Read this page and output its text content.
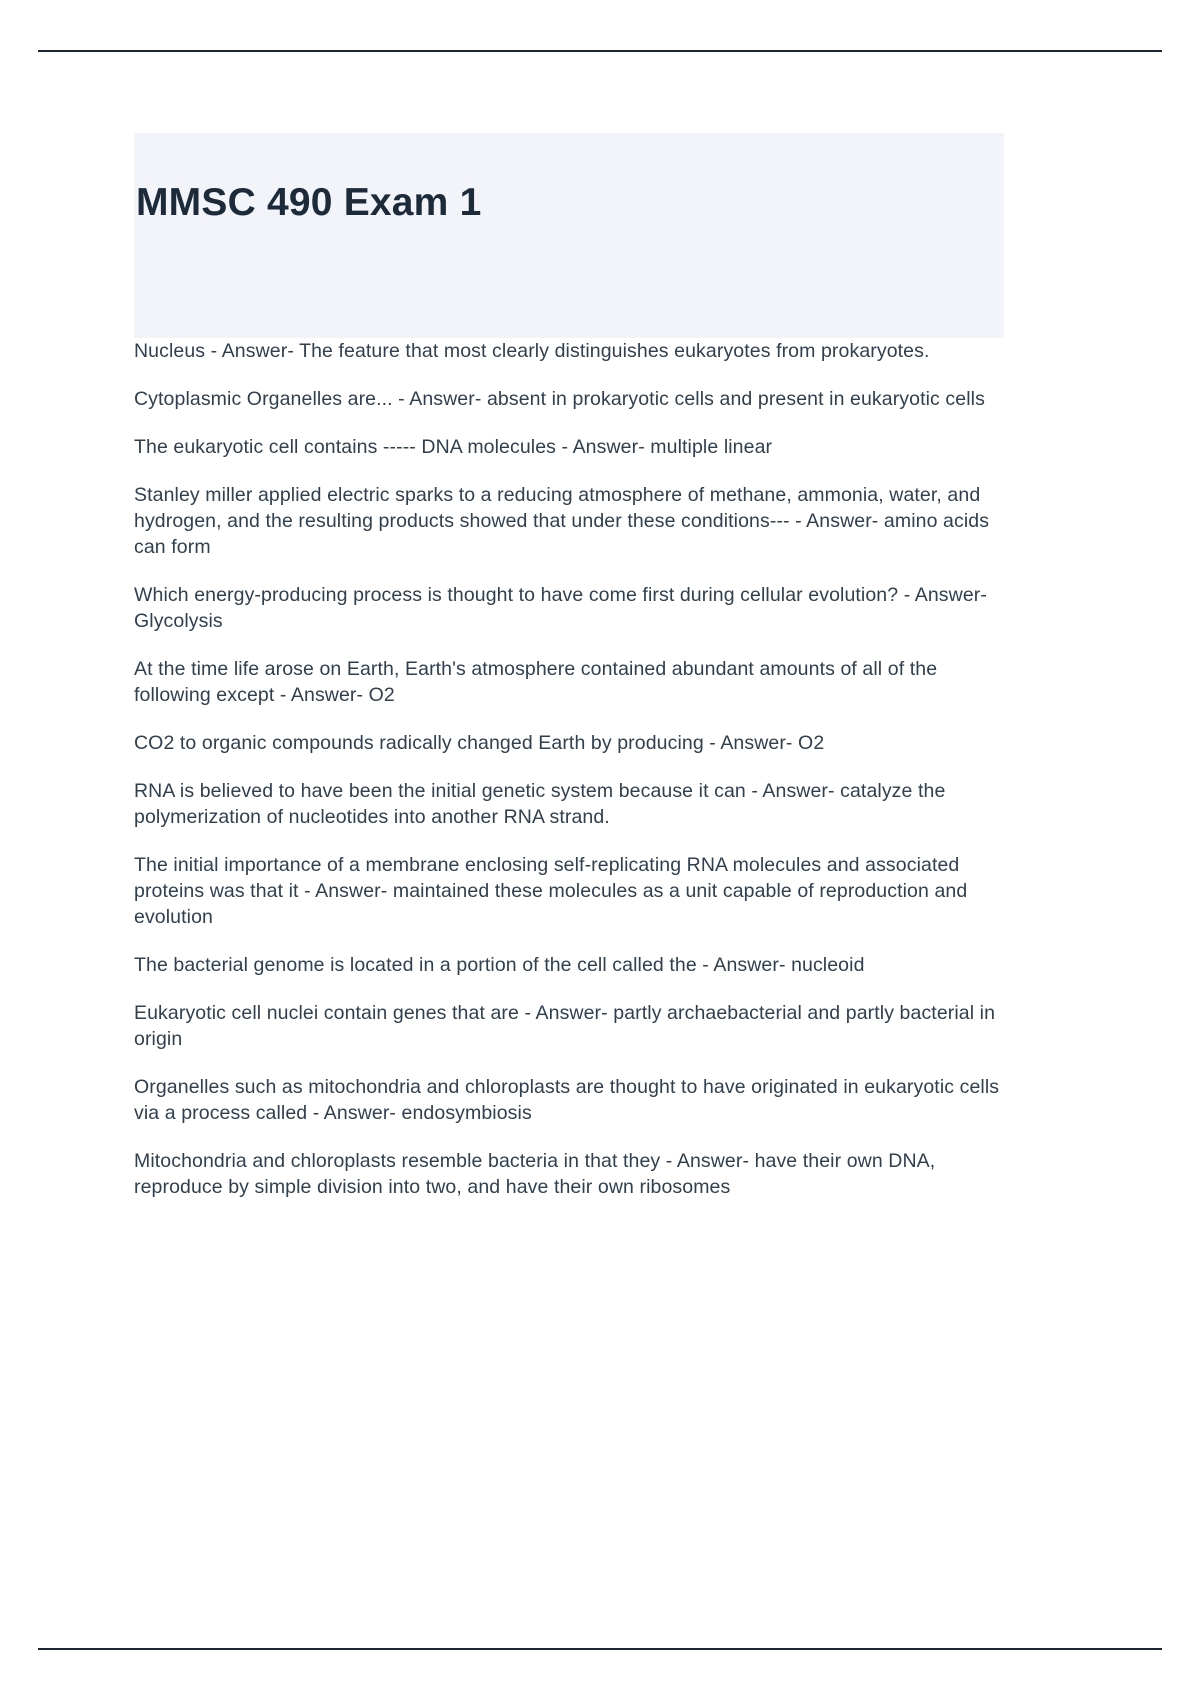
MMSC 490 Exam 1

Nucleus - Answer- The feature that most clearly distinguishes eukaryotes from prokaryotes.

Cytoplasmic Organelles are... - Answer- absent in prokaryotic cells and present in eukaryotic cells

The eukaryotic cell contains ----- DNA molecules - Answer- multiple linear

Stanley miller applied electric sparks to a reducing atmosphere of methane, ammonia, water, and hydrogen, and the resulting products showed that under these conditions--- - Answer- amino acids can form

Which energy-producing process is thought to have come first during cellular evolution? - Answer- Glycolysis

At the time life arose on Earth, Earth's atmosphere contained abundant amounts of all of the following except - Answer- O2

CO2 to organic compounds radically changed Earth by producing - Answer- O2

RNA is believed to have been the initial genetic system because it can - Answer- catalyze the polymerization of nucleotides into another RNA strand.

The initial importance of a membrane enclosing self-replicating RNA molecules and associated proteins was that it - Answer- maintained these molecules as a unit capable of reproduction and evolution

The bacterial genome is located in a portion of the cell called the - Answer- nucleoid

Eukaryotic cell nuclei contain genes that are - Answer- partly archaebacterial and partly bacterial in origin

Organelles such as mitochondria and chloroplasts are thought to have originated in eukaryotic cells via a process called - Answer- endosymbiosis

Mitochondria and chloroplasts resemble bacteria in that they - Answer- have their own DNA, reproduce by simple division into two, and have their own ribosomes
